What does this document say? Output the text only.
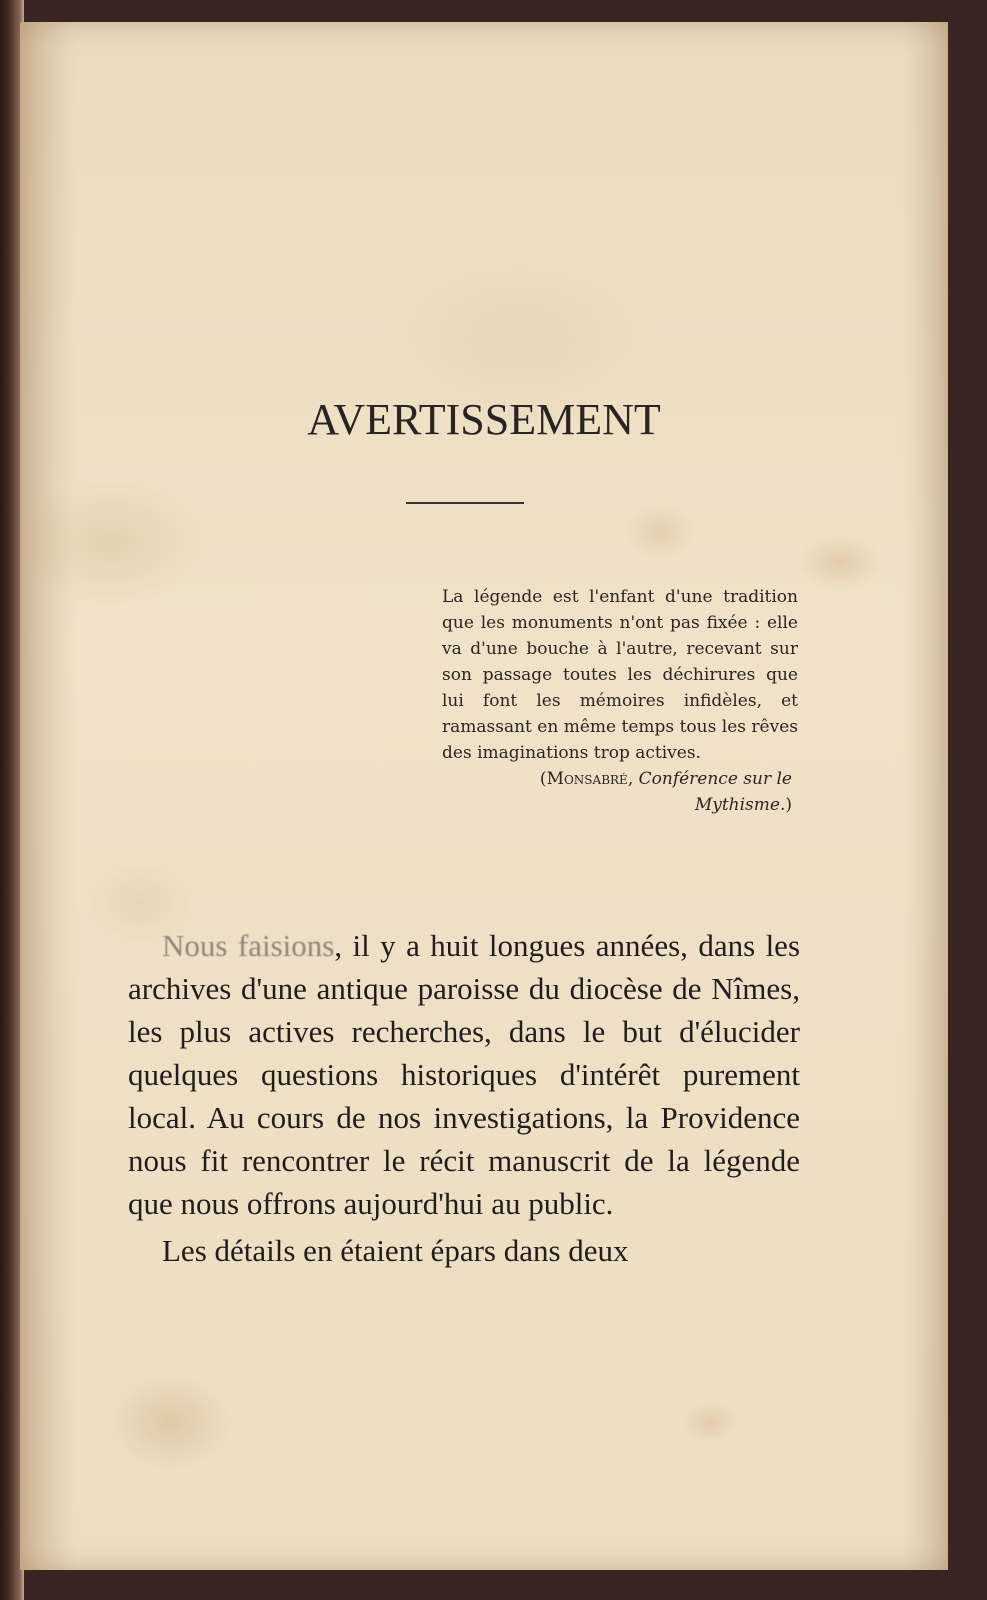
AVERTISSEMENT

La légende est l'enfant d'une tradition que les monuments n'ont pas fixée : elle va d'une bouche à l'autre, recevant sur son passage toutes les déchirures que lui font les mémoires infidèles, et ramassant en même temps tous les rêves des imaginations trop actives.

(Monsabré, Conférence sur le Mythisme.)

Nous faisions, il y a huit longues années, dans les archives d'une antique paroisse du diocèse de Nîmes, les plus actives recherches, dans le but d'élucider quelques questions historiques d'intérêt purement local. Au cours de nos investigations, la Providence nous fit rencontrer le récit manuscrit de la légende que nous offrons aujourd'hui au public.

Les détails en étaient épars dans deux
